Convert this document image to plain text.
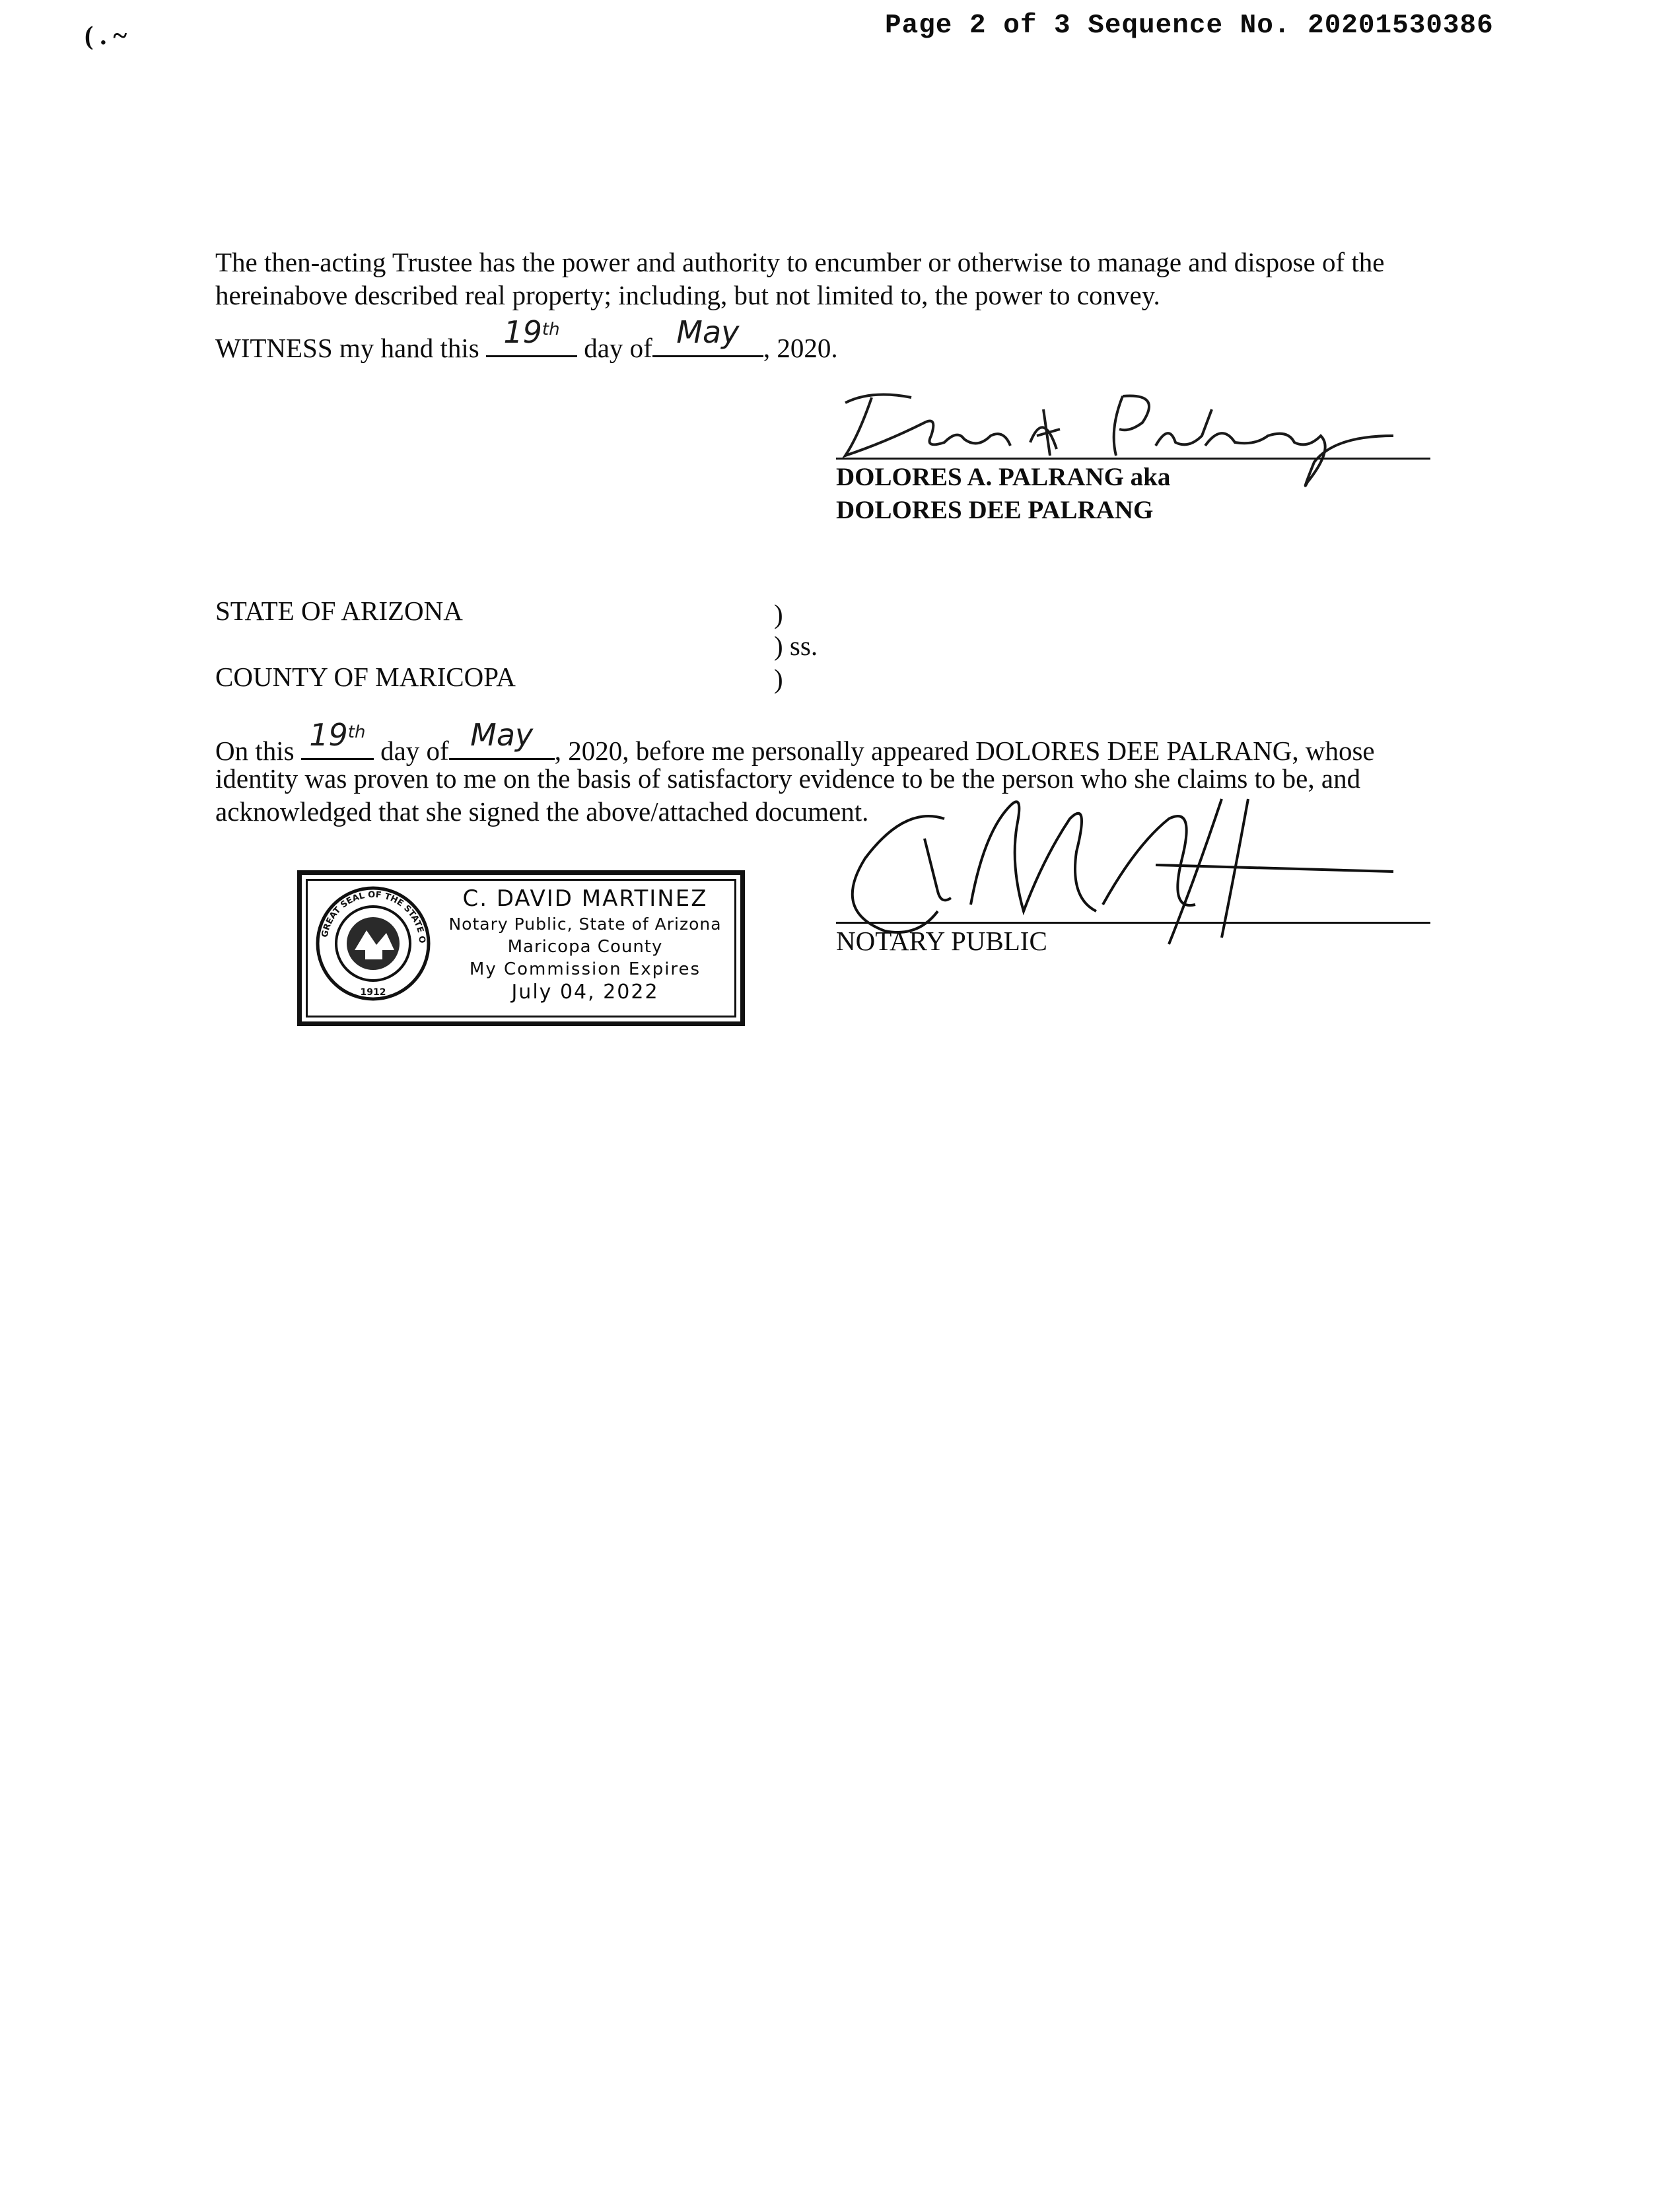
( . ~	Page 2 of 3 Sequence No. 20201530386
The then-acting Trustee has the power and authority to encumber or otherwise to manage and dispose of the hereinabove described real property; including, but not limited to, the power to convey.
WITNESS my hand this 19th
day of May , 2020.
DOLORES A. PALRANG aka
DOLORES DEE PALRANG
STATE OF ARIZONA
COUNTY OF MARICOPA
)
) ss.
)
On this 19th
day of May , 2020, before me personally appeared DOLORES DEE PALRANG, whose
identity was proven to me on the basis of satisfactory evidence to be the person who she claims to be, and
acknowledged that she signed the above/attached document.
NOTARY PUBLIC
GREAT SEAL OF THE STATE OF ARIZONA
1912
C. DAVID MARTINEZ
Notary Public, State of Arizona
Maricopa County
My Commission Expires
July 04, 2022
